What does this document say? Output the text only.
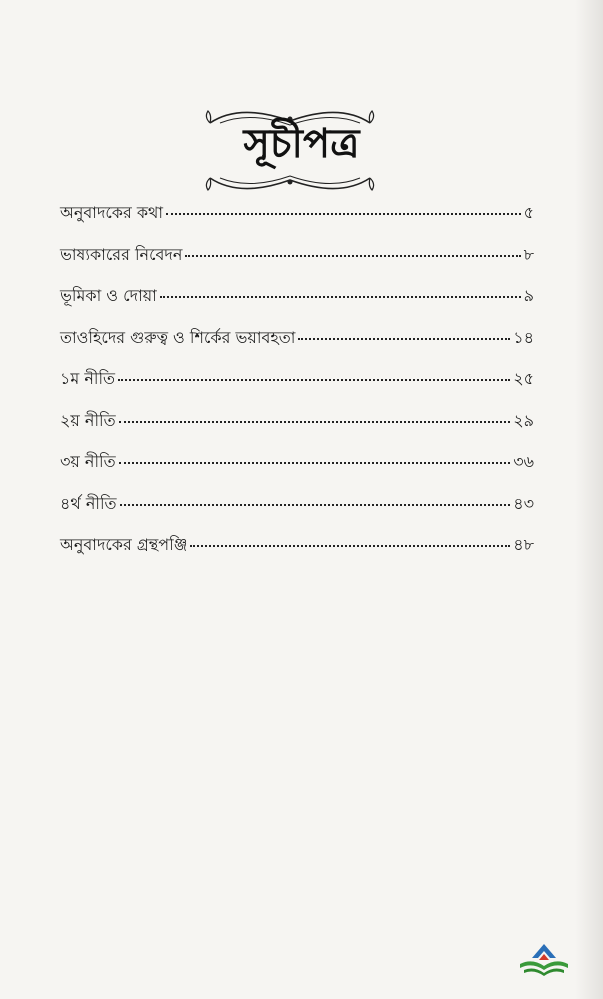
সূচীপত্র
অনুবাদকের কথা	৫
ভাষ্যকারের নিবেদন	৮
ভূমিকা ও দোয়া	৯
তাওহিদের গুরুত্ব ও শির্কের ভয়াবহতা	১৪
১ম নীতি	২৫
২য় নীতি	২৯
৩য় নীতি	৩৬
৪র্থ নীতি	৪৩
অনুবাদকের গ্রন্থপঞ্জি	৪৮
